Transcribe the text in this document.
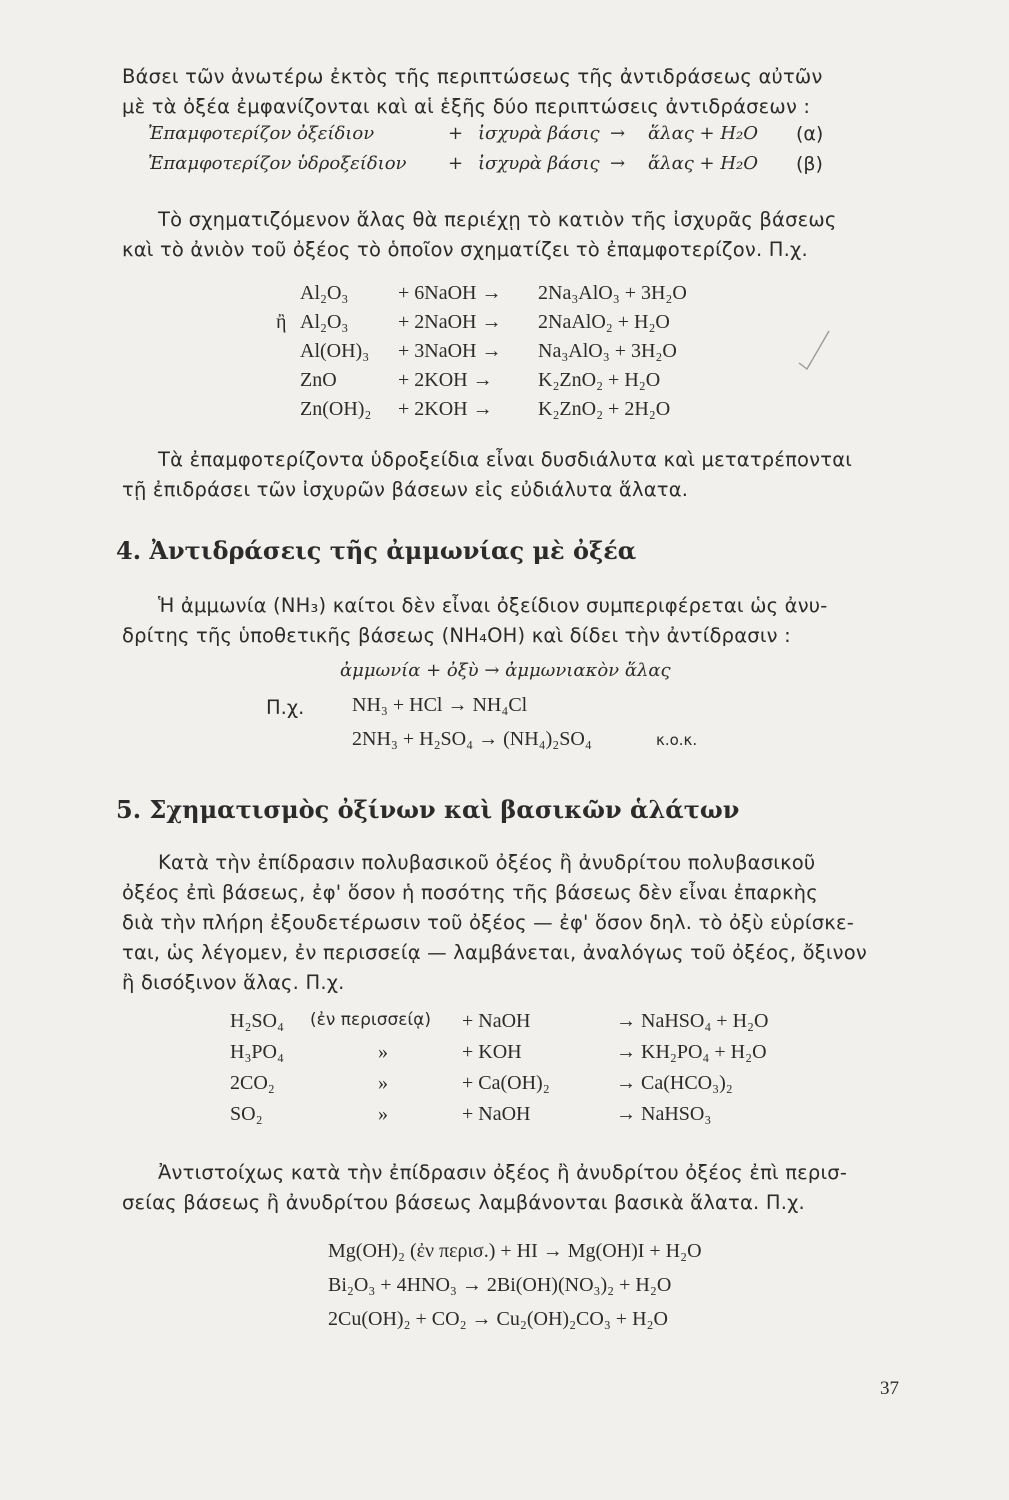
Βάσει τῶν ἀνωτέρω ἐκτὸς τῆς περιπτώσεως τῆς ἀντιδράσεως αὐτῶν
μὲ τὰ ὀξέα ἐμφανίζονται καὶ αἱ ἑξῆς δύο περιπτώσεις ἀντιδράσεων :
Ἐπαμφοτερίζον ὀξείδιον	+ ἰσχυρὰ βάσις → ἅλας + H₂O (α)
Ἐπαμφοτερίζον ὑδροξείδιον + ἰσχυρὰ βάσις → ἅλας + H₂O (β)
Τὸ σχηματιζόμενον ἅλας θὰ περιέχῃ τὸ κατιὸν τῆς ἰσχυρᾶς βάσεως
καὶ τὸ ἀνιὸν τοῦ ὀξέος τὸ ὁποῖον σχηματίζει τὸ ἐπαμφοτερίζον. Π.χ.
Al₂O₃ + 6NaOH → 2Na₃AlO₃ + 3H₂O
ἢ Al₂O₃ + 2NaOH → 2NaAlO₂ + H₂O
Al(OH)₃ + 3NaOH → Na₃AlO₃ + 3H₂O
ZnO	+ 2KOH → K₂ZnO₂ + H₂O
Zn(OH)₂ + 2KOH → K₂ZnO₂ + 2H₂O
Τὰ ἐπαμφοτερίζοντα ὑδροξείδια εἶναι δυσδιάλυτα καὶ μετατρέπονται
τῇ ἐπιδράσει τῶν ἰσχυρῶν βάσεων εἰς εὐδιάλυτα ἅλατα.
4. Ἀντιδράσεις τῆς ἀμμωνίας μὲ ὀξέα
Ἡ ἀμμωνία (NH₃) καίτοι δὲν εἶναι ὀξείδιον συμπεριφέρεται ὡς ἀνυ-
δρίτης τῆς ὑποθετικῆς βάσεως (NH₄OH) καὶ δίδει τὴν ἀντίδρασιν :
ἀμμωνία + ὀξὺ → ἀμμωνιακὸν ἅλας
Π.χ. NH₃ + HCl → NH₄Cl
2NH₃ + H₂SO₄ → (NH₄)₂SO₄	κ.ο.κ.
5. Σχηματισμὸς ὀξίνων καὶ βασικῶν ἁλάτων
Κατὰ τὴν ἐπίδρασιν πολυβασικοῦ ὀξέος ἢ ἀνυδρίτου πολυβασικοῦ
ὀξέος ἐπὶ βάσεως, ἐφ' ὅσον ἡ ποσότης τῆς βάσεως δὲν εἶναι ἐπαρκὴς
διὰ τὴν πλήρη ἐξουδετέρωσιν τοῦ ὀξέος — ἐφ' ὅσον δηλ. τὸ ὀξὺ εὑρίσκε-
ται, ὡς λέγομεν, ἐν περισσείᾳ — λαμβάνεται, ἀναλόγως τοῦ ὀξέος, ὄξινον
ἢ δισόξινον ἅλας. Π.χ.
H₂SO₄ (ἐν περισσείᾳ) + NaOH	→ NaHSO₄ + H₂O
H₃PO₄	»	+ KOH	→ KH₂PO₄ + H₂O
2CO₂	»	+ Ca(OH)₂	→ Ca(HCO₃)₂
SO₂	»	+ NaOH	→ NaHSO₃
Ἀντιστοίχως κατὰ τὴν ἐπίδρασιν ὀξέος ἢ ἀνυδρίτου ὀξέος ἐπὶ περισ-
σείας βάσεως ἢ ἀνυδρίτου βάσεως λαμβάνονται βασικὰ ἅλατα. Π.χ.
Mg(OH)₂ (ἐν περισ.) + HI → Mg(OH)I + H₂O
Bi₂O₃ + 4HNO₃ → 2Bi(OH)(NO₃)₂ + H₂O
2Cu(OH)₂ + CO₂ → Cu₂(OH)₂CO₃ + H₂O
37
